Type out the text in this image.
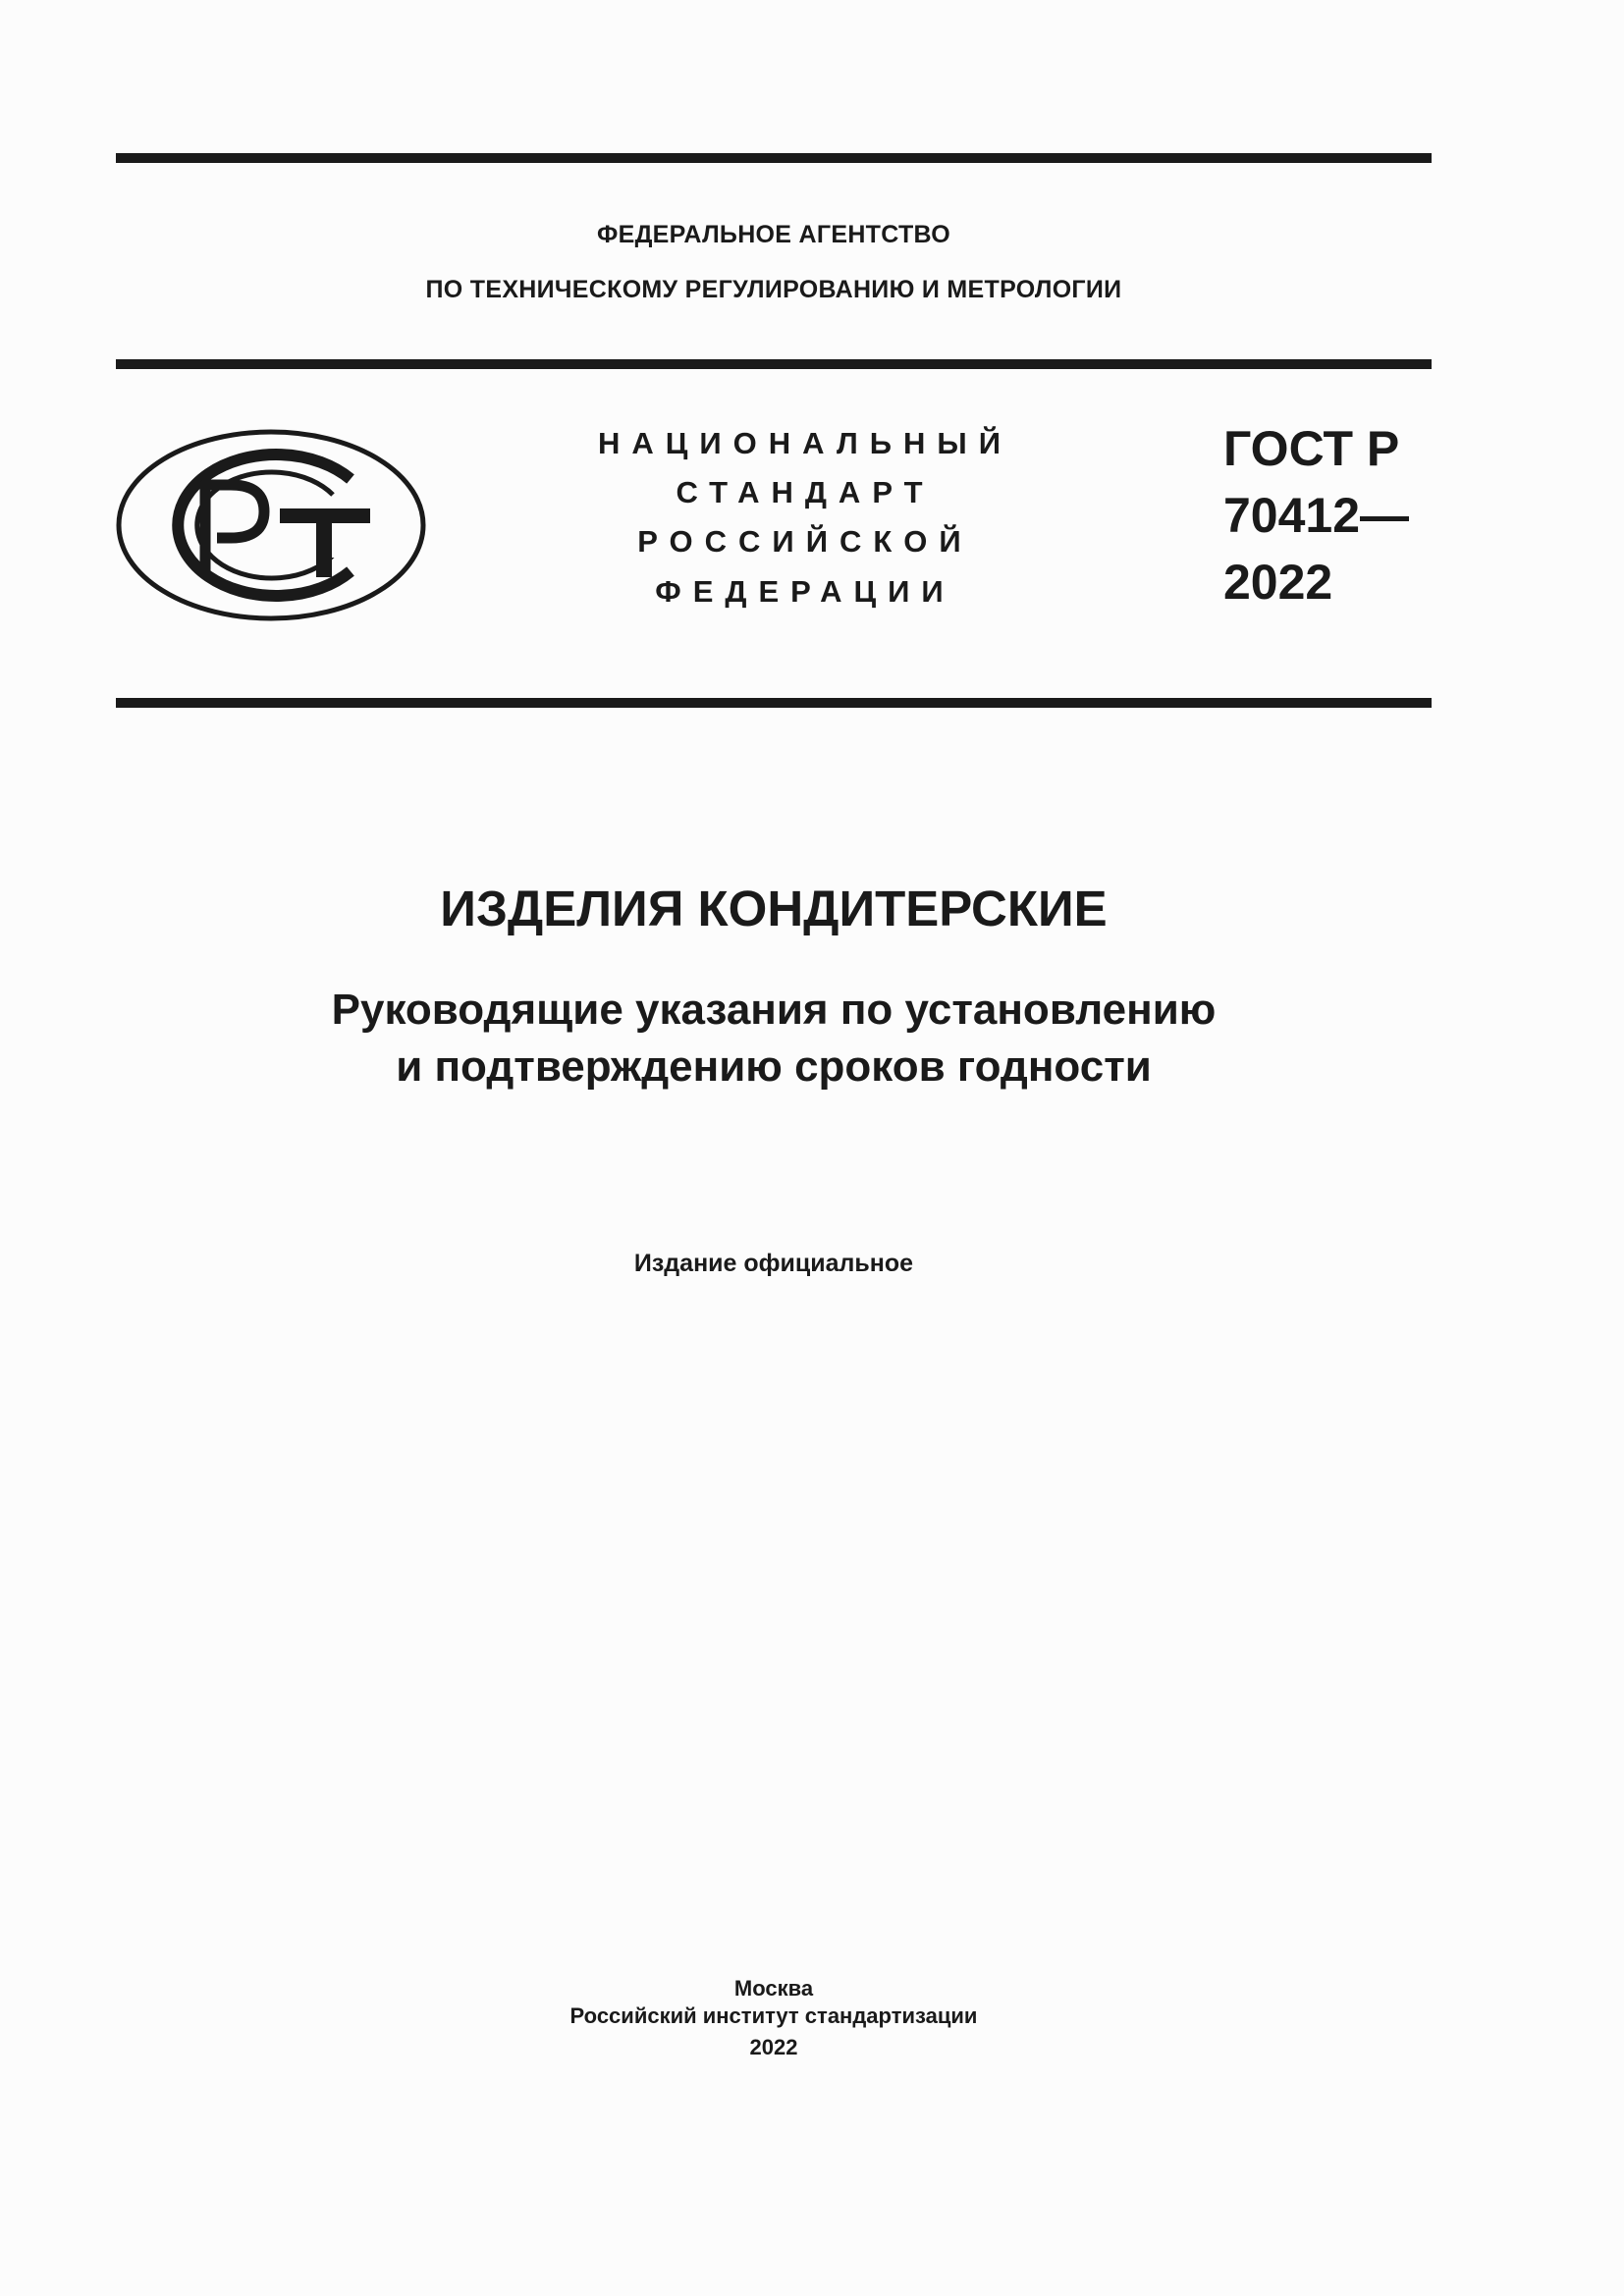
ФЕДЕРАЛЬНОЕ АГЕНТСТВО
ПО ТЕХНИЧЕСКОМУ РЕГУЛИРОВАНИЮ И МЕТРОЛОГИИ
НАЦИОНАЛЬНЫЙ
СТАНДАРТ
РОССИЙСКОЙ
ФЕДЕРАЦИИ
ГОСТ Р
70412—
2022
ИЗДЕЛИЯ КОНДИТЕРСКИЕ
Руководящие указания по установлению
и подтверждению сроков годности
Издание официальное
Москва
Российский институт стандартизации
2022
